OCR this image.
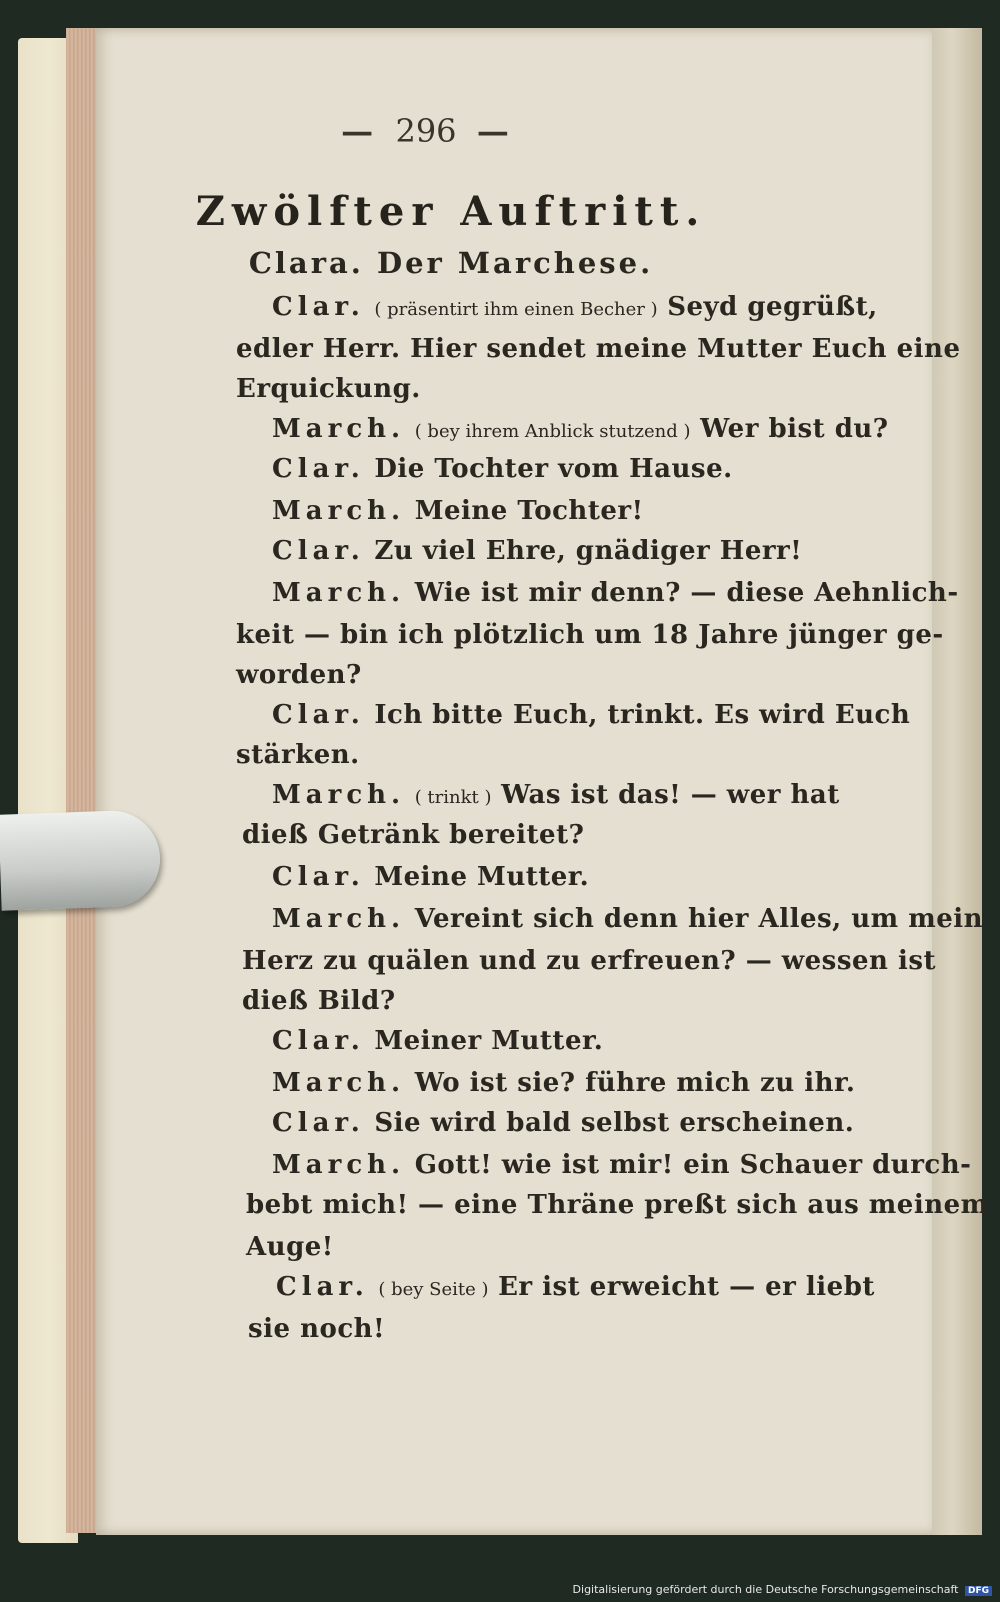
— 296 —
Zwölfter Auftritt.
Clara. Der Marchese.
Clar. ( präsentirt ihm einen Becher ) Seyd gegrüßt,
edler Herr. Hier sendet meine Mutter Euch eine
Erquickung.
March. ( bey ihrem Anblick stutzend ) Wer bist du?
Clar. Die Tochter vom Hause.
March. Meine Tochter!
Clar. Zu viel Ehre, gnädiger Herr!
March. Wie ist mir denn? — diese Aehnlich-
keit — bin ich plötzlich um 18 Jahre jünger ge-
worden?
Clar. Ich bitte Euch, trinkt. Es wird Euch
stärken.
March. ( trinkt ) Was ist das! — wer hat
dieß Getränk bereitet?
Clar. Meine Mutter.
March. Vereint sich denn hier Alles, um mein
Herz zu quälen und zu erfreuen? — wessen ist
dieß Bild?
Clar. Meiner Mutter.
March. Wo ist sie? führe mich zu ihr.
Clar. Sie wird bald selbst erscheinen.
March. Gott! wie ist mir! ein Schauer durch-
bebt mich! — eine Thräne preßt sich aus meinem
Auge!
Clar. ( bey Seite ) Er ist erweicht — er liebt
sie noch!
Digitalisierung gefördert durch die Deutsche Forschungsgemeinschaft DFG
